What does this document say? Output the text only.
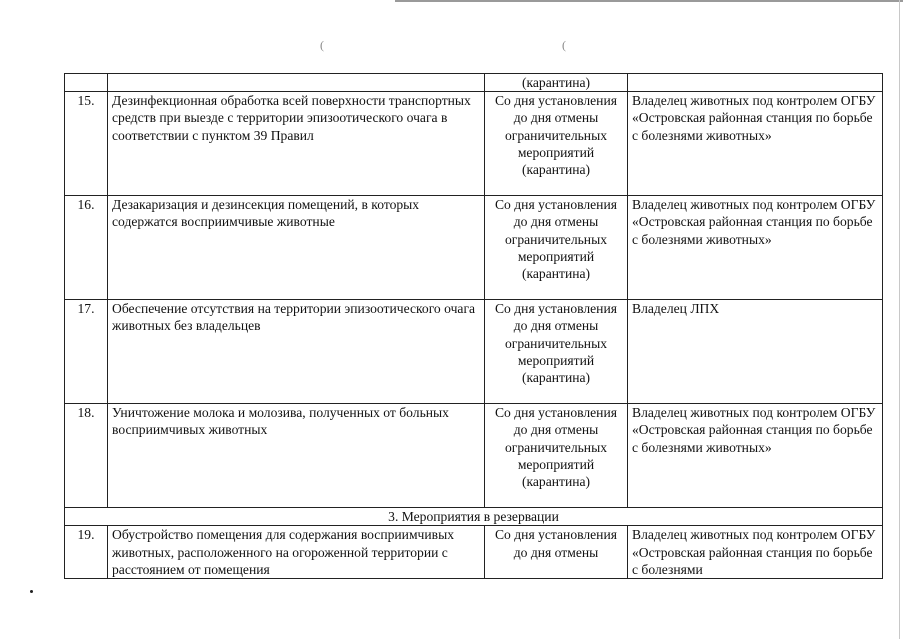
(	(
		(карантина)	
15.	Дезинфекционная обработка всей поверхности транспортных средств при выезде с территории эпизоотического очага в соответствии с пунктом 39 Правил	Со дня установления до дня отмены ограничительных мероприятий (карантина)	Владелец животных под контролем ОГБУ «Островская районная станция по борьбе с болезнями животных»
16.	Дезакаризация и дезинсекция помещений, в которых содержатся восприимчивые животные	Со дня установления до дня отмены ограничительных мероприятий (карантина)	Владелец животных под контролем ОГБУ «Островская районная станция по борьбе с болезнями животных»
17.	Обеспечение отсутствия на территории эпизоотического очага животных без владельцев	Со дня установления до дня отмены ограничительных мероприятий (карантина)	Владелец ЛПХ
18.	Уничтожение молока и молозива, полученных от больных восприимчивых животных	Со дня установления до дня отмены ограничительных мероприятий (карантина)	Владелец животных под контролем ОГБУ «Островская районная станция по борьбе с болезнями животных»
3. Мероприятия в резервации			
19.	Обустройство помещения для содержания восприимчивых животных, расположенного на огороженной территории с расстоянием от помещения	Со дня установления до дня отмены	Владелец животных под контролем ОГБУ «Островская районная станция по борьбе с болезнями
